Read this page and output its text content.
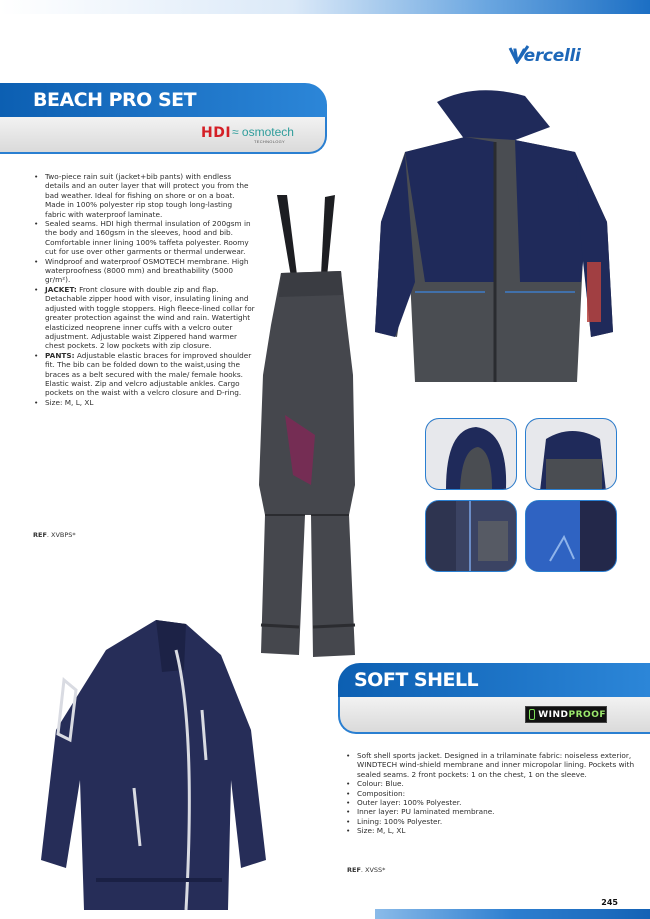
Vercelli
BEACH PRO SET
HDI ≈ osmotech
TECHNOLOGY
• Two-piece rain suit (jacket+bib pants) with endless details and an outer layer that will protect you from the bad weather. Ideal for fishing on shore or on a boat. Made in 100% polyester rip stop tough long-lasting fabric with waterproof laminate.
• Sealed seams. HDI high thermal insulation of 200gsm in the body and 160gsm in the sleeves, hood and bib. Comfortable inner lining 100% taffeta polyester. Roomy cut for use over other garments or thermal underwear.
• Windproof and waterproof OSMOTECH membrane. High waterproofness (8000 mm) and breathability (5000 gr/m²).
• JACKET: Front closure with double zip and flap. Detachable zipper hood with visor, insulating lining and adjusted with toggle stoppers. High fleece-lined collar for greater protection against the wind and rain. Watertight elasticized neoprene inner cuffs with a velcro outer adjustment. Adjustable waist Zippered hand warmer chest pockets. 2 low pockets with zip closure.
• PANTS: Adjustable elastic braces for improved shoulder fit. The bib can be folded down to the waist,using the braces as a belt secured with the male/ female hooks. Elastic waist. Zip and velcro adjustable ankles. Cargo pockets on the waist with a velcro closure and D-ring.
• Size: M, L, XL
REF. XVBPS*
SOFT SHELL
WINDPROOF
• Soft shell sports jacket. Designed in a trilaminate fabric: noiseless exterior, WINDTECH wind-shield membrane and inner micropolar lining. Pockets with sealed seams. 2 front pockets: 1 on the chest, 1 on the sleeve.
• Colour: Blue.
• Composition:
• Outer layer: 100% Polyester.
• Inner layer: PU laminated membrane.
• Lining: 100% Polyester.
• Size: M, L, XL
REF. XVSS*
245
